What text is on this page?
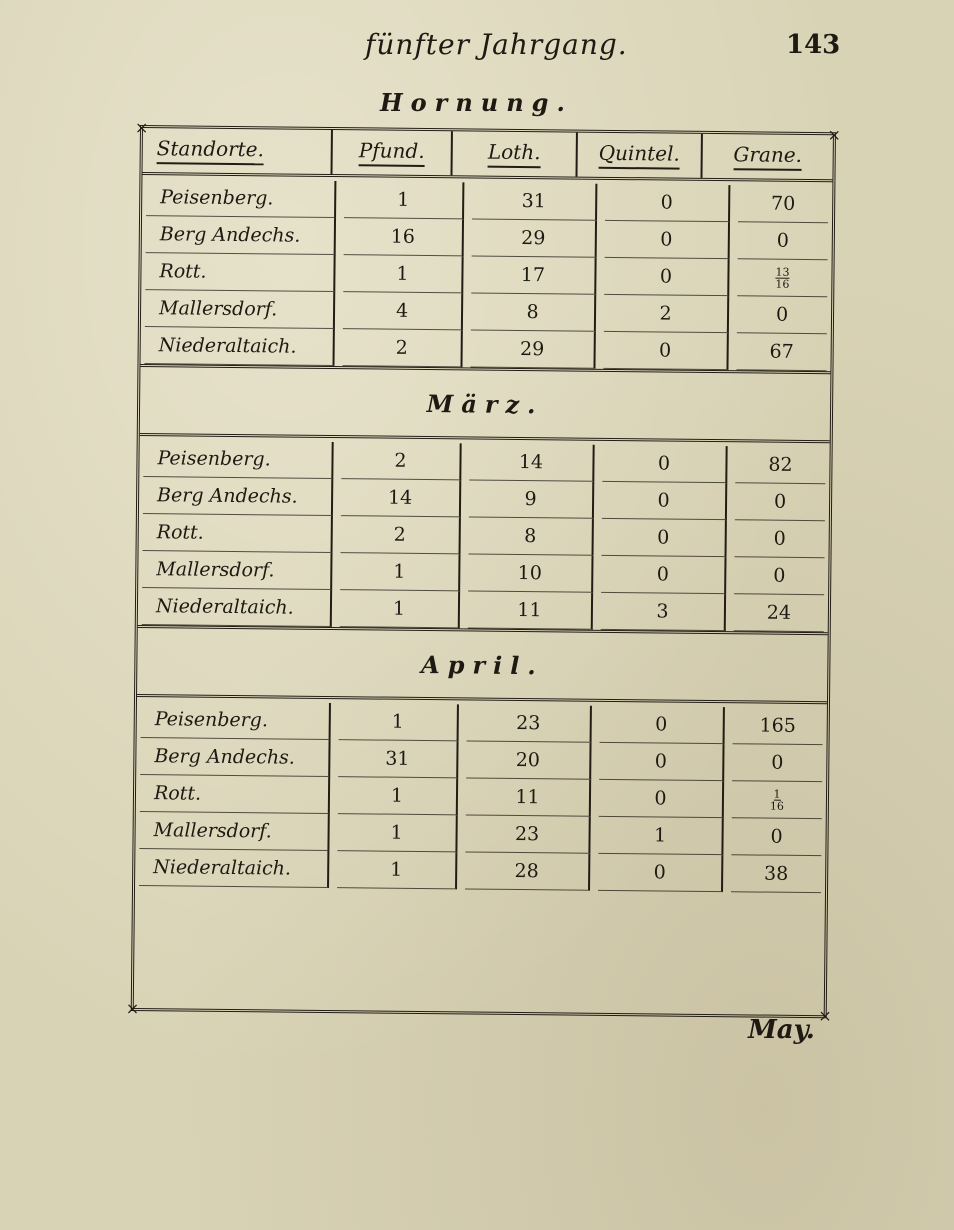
fünfter Jahrgang.	143
×	×
×	×
Standorte.	Pfund.	Loth.	Quintel.	Grane.
Peisenberg.	1	31	0	70
Berg Andechs.	16	29	0	0
Rott.	1	17	0	$\frac{13}{16}$
Mallersdorf.	4	8	2	0
Niederaltaich.	2	29	0	67
März.
Peisenberg.	2	14	0	82
Berg Andechs.	14	9	0	0
Rott.	2	8	0	0
Mallersdorf.	1	10	0	0
Niederaltaich.	1	11	3	24
April.
Peisenberg.	1	23	0	165
Berg Andechs.	31	20	0	0
Rott.	1	11	0	$\frac{1}{16}$
Mallersdorf.	1	23	1	0
Niederaltaich.	1	28	0	38
May.
Hornung.
